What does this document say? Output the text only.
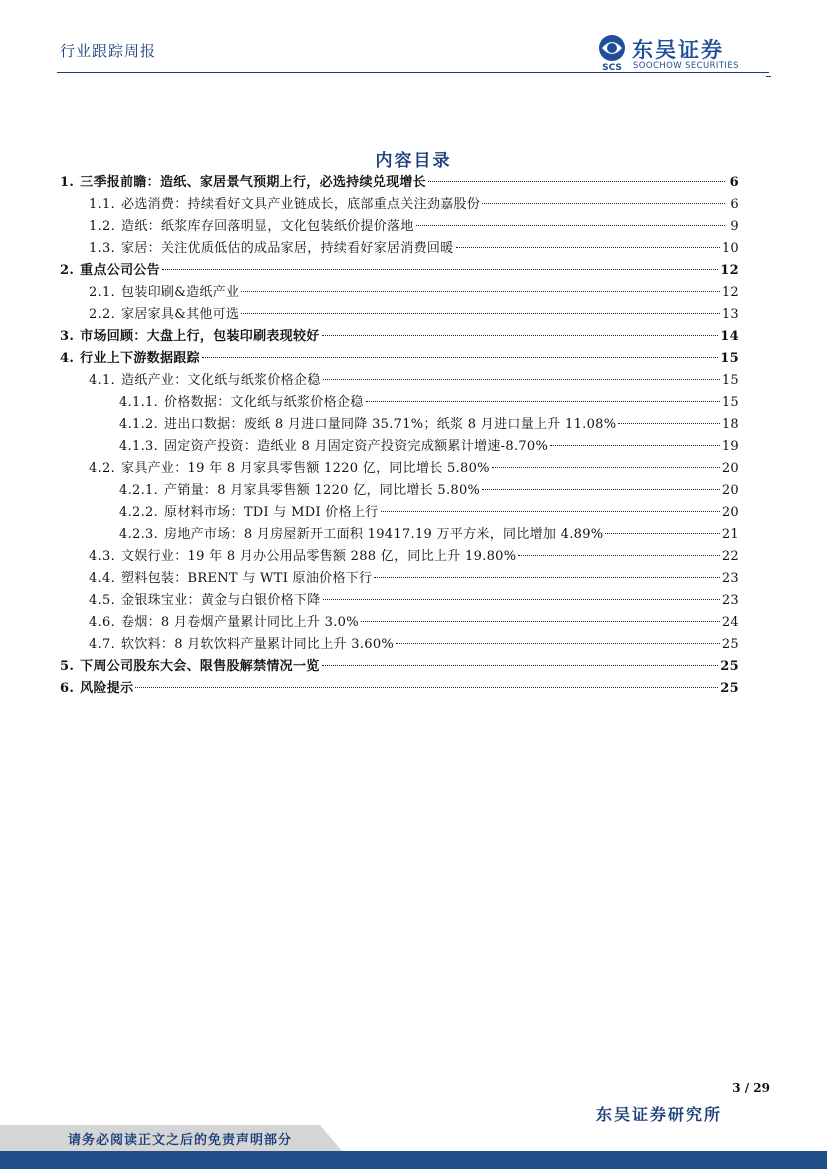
行业跟踪周报
SCS
东吴证券
SOOCHOW SECURITIES
内容目录
1. 三季报前瞻：造纸、家居景气预期上行，必选持续兑现增长	6
1.1. 必选消费：持续看好文具产业链成长，底部重点关注劲嘉股份	6
1.2. 造纸：纸浆库存回落明显，文化包装纸价提价落地	9
1.3. 家居：关注优质低估的成品家居，持续看好家居消费回暖	10
2. 重点公司公告	12
2.1. 包装印刷&造纸产业	12
2.2. 家居家具&其他可选	13
3. 市场回顾：大盘上行，包装印刷表现较好	14
4. 行业上下游数据跟踪	15
4.1. 造纸产业：文化纸与纸浆价格企稳	15
4.1.1. 价格数据：文化纸与纸浆价格企稳	15
4.1.2. 进出口数据：废纸 8 月进口量同降 35.71%；纸浆 8 月进口量上升 11.08%	18
4.1.3. 固定资产投资：造纸业 8 月固定资产投资完成额累计增速-8.70%	19
4.2. 家具产业：19 年 8 月家具零售额 1220 亿，同比增长 5.80%	20
4.2.1. 产销量：8 月家具零售额 1220 亿，同比增长 5.80%	20
4.2.2. 原材料市场：TDI 与 MDI 价格上行	20
4.2.3. 房地产市场：8 月房屋新开工面积 19417.19 万平方米，同比增加 4.89%	21
4.3. 文娱行业：19 年 8 月办公用品零售额 288 亿，同比上升 19.80%	22
4.4. 塑料包装：BRENT 与 WTI 原油价格下行	23
4.5. 金银珠宝业：黄金与白银价格下降	23
4.6. 卷烟：8 月卷烟产量累计同比上升 3.0%	24
4.7. 软饮料：8 月软饮料产量累计同比上升 3.60%	25
5. 下周公司股东大会、限售股解禁情况一览	25
6. 风险提示	25
3 / 29
东吴证券研究所
请务必阅读正文之后的免责声明部分
